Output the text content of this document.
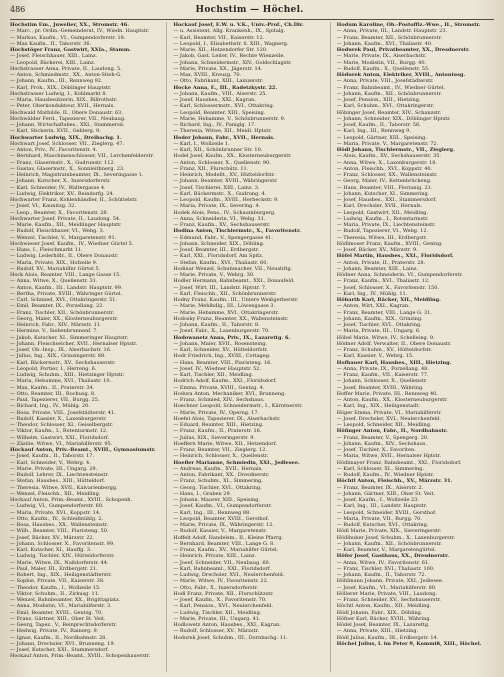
486	Hochstim — Höchel.
Hochstim Em., Juwelier, XX., Stromstr. 46.
— Marc., pr. Ordin.-Gemeinderat, IV., Wiedn. Hauptstr.
— Markus, Kaufm., VI., Gumpendorferstr. 18.
— Max Kaufm., II., Taborstr. 36.
Hochstöger Franz, Gastwirt, XXIa., Stamm.
— Josef, Fleischhauer, XIII., Lainz.
— Leopold, Bäckerei, XIII., Lainz.
Hochstrasser Anna, Private, II., Laudong. 5.
— Anton, Schmiedmstr., XX., Anton-Stieh-G.
— Johann, Kaufm., III., Rennweg 92.
— Karl, Prok., XIX., Döblinger Hauptstr.
Hochstrasser Ludwig, I., Kohlmarkt 8.
— Maria, Hausbesitzerin, XIX., Billrothstr.
— Peter, Oberkondukteur, XVII., Hernals.
Hochwald Mathilde, II., Obere Donaustr. 63.
Hochwälder Ferd., Tapezierer, VII., Neubaug.
— Johann, Wirtschaftsbes., XXI., Stammersd.
— Karl, Stickerin, XVII., Geblerg. 9.
Hochwarter Ludwig, XIX., Dreibachg. 1.
Hochwart Josef, Schlosser, VII., Zieglerg. 47.
— Anton, Priv., IV., Favoritenstr. 4.
— Bernhard, Maschinenschlosser, VII., Lerchenfelderstr.
— Franz, Glasermstr., X., Gudrunstr. 112.
— Gustav, Glasermstr., X., Sonnleithnerg. 23.
— Heinrich, Magistratsbeamter, IX., Severingasse 1.
— Johann, Kutscher, X., Inzersdorferstr.
— Karl, Schneider, IV., Waltergasse 4.
— Ludwig, Elektriker, XV., Reindorfg. 24.
Hochwarter Franz, Kohlenhändler, II., Schüttelstr.
— Josef, VI., Kaunitzg. 32.
— Leop., Beamter, X., Favoritenstr. 28.
Hochwarter Josef, Private, II., Laudong. 54.
— Marie, Kaufm., XII., Meidlinger Hauptstr.
— Rudolf, Fleischhauer, VI., Webg. 3.
— Wenzel, Tischler, V., Margaretenstr. 91.
Hochwieser Josef, Kaufm., IV., Wiedner Gürtel 5.
— Hans, I., Fleischmarkt 11.
— Ludwig, Lederhdlr., II., Obere Donaustr.
— Maria, Private, XIX., Hofzeile 9.
— Rudolf, XV., Mariahilfer Gürtel 5.
Hock Alois, Beamter, VIII., Lange Gasse 15.
— Anna, Witwe, X., Quellenstr. 31.
— Anton, Kaufm., III., Landstr. Hauptstr. 99.
— Bertha, Private, XVIII., Währinger Gürtel.
— Carl, Schmied, XVI., Ottakringerstr. 51.
— Emil, Beamter, IX., Porzellang. 22.
— Franz, Tischler, XII., Schönbrunnerstr.
— Georg, Maler, XX., Klosterneuburgerstr.
— Heinrich, Fabr., XIV., Märzstr. 11.
— Hermine, V., Siebenbrunnenf. 7.
— Jakob, Kutscher, XI., Simmeringer Hauptstr.
— Johann, Fleischselcher, XVII., Hernalser Hptstr.
— Josef, Ob.-Insp., IX., Alserbachstr. 16.
— Julius, Ing., XIX., Grinzingerstr. 88.
— Karl, Bäckermstr., XV., Sechshauserstr.
— Leopold, Portier, I., Herreng. 6.
— Ludwig, Schuhm., XIII., Hietzinger Hptstr.
— Maria, Hebamme, XVI., Thaliastr. 10.
— Max, Kaufm., II., Praterstr. 34.
— Otto, Beamter, III., Rochusg. 8.
— Paul, Tapezierer, VII., Burgg. 25.
— Richard, Ing., IV., Mühlg. 20.
— Rosa, Private, VIII., Josefstädterstr. 41.
— Rudolf, Kassier, X., Laxenburgerstr.
— Theodor, Schlosser, XI., Geiselbergstr.
— Viktor, Kaufm., I., Rotenturmstr. 12.
— Wilhelm, Gastwirt, XXI., Floridsdorf.
— Zäzilie, Witwe, VI., Mariahilferstr. 95.
Hockauf Anton, Priv.-Beamt., XVIII., Gymnasiumstr.
— Josef, Kaufm., II., Taborstr. 17.
— Karl, Schneider, V., Wehrg. 4.
— Marie, Private, III., Ungarg. 29.
— Rudolf, Lehrer, IX., Liechtensteinstr.
— Stefan, Hausbes., XIII., Hütteldorf.
— Theresia, Witwe, XVII., Kalvarienbergg.
— Wenzel, Fleischh., XII., Meidling.
Hockauf Anton, Prim.-Beamt., XVIII., Schopenh.
— Ludwig, VI., Gumpendorferstr. 60.
— Maria, Private, XVI., Koppstr. 14.
— Otto, Kaufm., IV., Schleifmühlg. 2.
— Rosa, Hausbes., XX., Wallensteinstr.
— Wilh., Beamter, VIII., Piaristeng. 50.
— Josef, Bäcker, XV., Märzstr. 22.
— Johann, Schlosser, X., Favoritenstr. 99.
— Karl, Kutscher, XI., Hauffg. 3.
— Ludwig, Tischler, XIV., Hütteldorferstr.
— Marie, Witwe, IX., Nußdorferstr. 44.
— Paul, Maler, III., Erdbergstr. 21.
— Robert, Ing., XIX., Heiligenstädterstr.
— Sophie, Private, VII., Kaiserstr. 38.
— Theodor, Kaufm., I., Wollzeile 15.
— Viktor, Schuhm., II., Zirkusg. 11.
— Wenzel, Bahnbeamter, XX., Brigittaplatz.
— Anna, Modistin, VI., Mariahilferstr. 3.
— Emil, Beamter, XVIII., Gentzg. 70.
— Franz, Gärtner, XIII., Ober St. Veit.
— Georg, Tapez., V., Reinprechtsdorferstr.
— Hedwig, Private, IV., Rainerg. 9.
— Ignaz, Kaufm., II., Nordbahnstr. 28.
— Johann, Drechsler, XVI., Brunneng. 19.
— Josef, Kutscher, XXI., Stammersdorf.
Hockauf Anton, Prim.-Beamt., XVIII., Schopenhauerstr.
Hockauf Josef, E.W. u. V.K., Univ.-Prof., Ch.Dir.
— u. Assistent, Allg. Krankenh., IX., Spitalg.
— Karl, Beamter, VII., Kaiserstr. 12.
— Leopold, I., Elisabethstr. 6. XIII., Wagnerg.
— Marie, XII., Hetzendorfer Str. 120.
— Jakob, Gast. Leiter, IV., Rechte Wienzeile.
— Johann, Schneidermstr., XIV., Goldschlagstr.
— Marie, Private, XX., Jägerstr. 14.
— Max, XVIII., Kreuzg. 70.
— Otto, Fabrikant, XIII., Lainzerstr.
Hocke Anna, E., III., Radetzkystr. 22.
— Johann, Kaufm., VIII., Alserstr. 25.
— Josef, Hausbes., XXI., Kagran.
— Karl, Schlossermstr., XVI., Ottakring.
— Leopold, Beamter, XIII., Speising.
— Marie, Hebamme, V., Schönbrunnerstr. 9.
— Richard, Ing., IV., Paniglg. 17.
— Theresia, Witwe, XII., Meidl. Hptstr.
Hoder Johann, Fabr., XVII., Hernals.
— Karl, I., Wollzeile 1.
— Karl, XII., Schönbrunner Str. 10.
Hodel Josef, Kaufm., XX., Klosterneuburgerstr.
— Anton, Schlosser, X., Quellenstr. 90.
— Franz, XII., Flurschütz. 11.
— Heinrich, Modellt., XV., Hütteldorfstr.
— Johann, Beamter, XVIII., Währingerstr.
— Josef, Tischlerei, XIII., Lainz. 3.
— Karl, Bäckermstr., X., Gudrung. 4.
— Leopold, Kaufm., XVIII., Herbeckstr. 9.
— Maria, Private, IX., Severing. 4.
Hodek Alois, Pens., IV., Schaumburgerg.
— Anna, Schneiderin, VI., Webg. 31.
— Franz, Kaufm., XV., Sechshauserstr.
Hodina Anton, Tischlermstr., X., Favoritenstr.
— Edmund, Fabr., V., Spengergasse 41.
— Johann, Schneider, XIX., Döbling.
— Josef, Beamter, III., Erdbergstr.
— Karl, XXI., Floridsdorf, Am Spitz.
— Stefan, Kaufm., XVI., Thaliastr. 60.
Hodinar Wenzel, Schuhmacher, VII., Neustiftg.
— Marie, Private, V., Wehrg. 30.
Hodler Hermann, Bahnbeamt., XXI., Donaufeld.
— Josef, Wirt, III., Landstr. Hptstr. 7.
— Karl, Fleischh., XII., Schönbrunnerstr.
Hodny Franz, Kaufm., III., Untere Weißgerberstr.
— Marie, Mehlhdlg., III., Löwengasse 3.
— Marie, Hebamme, XVI., Ottakringerstr.
Hodosky Franz, Beamter, XX., Wallensteinstr.
— Johann, Kaufm., II., Taborstr. 8.
— Josef, Fabr., X., Laxenburgerstr. 70.
Hodowanetz Anna, Priv., IX., Lazarettg. 6.
— Johann, Maler, XVII., Rosensteing.
— Karl, Schneider, XV., Hütteldorfstr.
Hodr Friedrich, Ing., XVIII., Cottageg.
— Hans, Beamter, VIII., Piaristeng. 16.
— Josef, IV., Wiedner Hauptstr. 52.
— Karl, Tischler, XII., Meidling.
Hodrich Adolf, Kaufm., XXI., Floridsdorf.
— Emma, Private, XVIII., Gentzg. 4.
Hodura Anton, Mechaniker, XVI., Brunneng.
— Franz, Schmied, XIV., Sechshaus.
Hoechner Leopold, Schneidermstr., I., Kärntnerstr.
— Marie, Private, IV., Operng. 17.
Hoefel Alois, Tapezierer, IX., Alserbachstr.
— Eduard, Beamter, XIII., Hietzing.
— Franz, Kaufm., II., Praterstr. 16.
— Julius, XIX., Sieveringerstr. 9.
Hoeffern Marie, Witwe, XII., Hetzendorf.
— Franz, Beamter, VII., Zieglerg. 12.
— Heinrich, Schlosser, X., Quellenstr.
Hoefler Marianne, Schmiedin, XXI., Jedlesee.
— Andreas, Kaufm., XVII., Hernals.
— Anton, Fabrikant, XX., Dresdnerstr.
— Franz, Schuhm., XI., Simmering.
— Georg, Tischler, XVI., Ottakring.
— Hans, I., Graben 29.
— Johann, Maurer, XIII., Speising.
— Josef, Kaufm., VI., Gumpendorferstr.
— Karl, Ing., III., Rennweg 88.
— Leopold, Beamter, XVIII., Gersthof.
— Marie, Private, IX., Währingerstr. 12.
— Rudolf, Kassier, V., Margaretenstr.
Hoffelt Adolf, Handelsm., II., Kleine Pfarrg.
— Bernhard, Beamter, VIII., Lange G. 8.
— Franz, Kaufm., XV., Mariahilfer Gürtel.
— Heinrich, Private, XIII., Lainz.
— Josef, Schneider, VII., Neubaug. 60.
— Karl, Bahnbeamt., XXI., Floridsdorf.
— Ludwig, Drechsler, XVI., Neulerchenfeld.
— Marie, Witwe, IV., Favoritenstr. 22.
— Otto, Fabr., X., Inzersdorferstr.
Hodl Franz, Private, XII., Flurschützstr.
— Josef, Kaufm., X., Favoritenstr. 70.
— Karl, Pension., XVI., Neulerchenfeld.
— Ludwig, Tischler, XII., Meidling.
— Marie, Private, III., Ungarg. 41.
Hodlowetz Anton, Hausbes., XXI., Kagran.
— Rudolf, Schlosser, XV., Märzstr.
Hodurek Josef, Schuhm., III., Dornbachg. 11.
Hodum Karoline, Ob.-Postoffiz.-Wwe., II., Stromstr.
— Anna, Private, III., Landstr. Hauptstr. 23.
— Franz, Beamter, XII., Schönbrunnerstr.
— Johann, Kaufm., XVI., Thaliastr. 40.
Hodurek Paul, Privatbeamter, XX., Dresdnerstr.
— Marie, Private, IX., Alserbachstr.
— Marie, Modistin, VII., Burgg. 40.
— Rudolf, Kaufm., X., Quellenstr. 55.
Hödurek Anton, Elektriker, XVIII., Antoniusg.
— Anna, Private, VIII., Josefstädterstr.
— Franz, Bahnbeamt., IV., Wiedner Gürtel.
— Johann, Kaufm., XII., Schönbrunnerstr.
— Josef, Pension., XIII., Hietzing.
— Karl, Schuhm., XVI., Ottakringerstr.
Höbinger Josef, Beamter, XIV., Schanzstr.
— Johann, Schneider, XIX., Döblinger Hptstr.
— Josef, Kaufm., II., Taborstr. 56.
— Karl, Ing., III., Rennweg 9.
— Leopold, Gärtner, XIII., Speising.
— Maria, Private, V., Margaretenstr. 72.
Hödl Johann, Tischlermstr., VII., Zieglerg.
— Alois, Kaufm., XV., Sechshauserstr. 35.
— Anna, Witwe, X., Laxenburgerstr. 18.
— Anton, Fleischh., XVI., Koppstr. 40.
— Franz, Schlosser, XX., Wallensteinstr.
— Georg, Maler, IV., Kettenbrückeng.
— Hans, Beamter, VIII., Florianig. 21.
— Johann, Kutscher, XI., Simmering.
— Josef, Hausbes., XXI., Stammersdorf.
— Karl, Drechsler, XVII., Hernals.
— Leopold, Gastwirt, XII., Meidling.
— Ludwig, Kaufm., I., Rotenturmstr.
— Maria, Private, IX., Liechtensteinstr.
— Rudolf, Tapezierer, VI., Webg. 12.
— Theresia, Witwe, III., Erdbergstr.
Hödlmoser Franz, Kaufm., XVIII., Gentzg.
— Josef, Bäcker, XV., Märzstr. 9.
Höfel Martin, Hausbes., XXI., Floridsdorf.
— Anton, Private, II., Praterstr. 28.
— Johann, Beamter, XIII., Lainz.
Hödner Anna, Schneiderin, VI., Gumpendorferstr.
— Franz, Kaufm., XVI., Thaliastr. 12.
— Josef, Schlosser, X., Favoritenstr. 150.
— Karl, Ing., IV., Mühlg. 11.
Höbarth Karl, Bäcker, XII., Meidling.
— Anton, Wirt, XXI., Kagran.
— Franz, Beamter, VIII., Lange G. 31.
— Johann, Kaufm., XIX., Grinzing.
— Josef, Tischler, XVI., Ottakring.
— Maria, Private, III., Ungarg. 6.
Höbel Marie, Witwe, IV., Schelleing. 9.
Hödner Adolf, Verwalter, II., Obere Donaustr.
— Franz, Schuhm., XV., Hütteldorfstr.
— Karl, Kassier, V., Wehrg. 15.
Hofbauer Karl, Hausbes., XIII., Hietzing.
— Anna, Private, IX., Porzellang. 48.
— Franz, Kaufm., VII., Kaiserstr. 77.
— Johann, Schlosser, X., Quellenstr.
— Josef, Beamter, XVIII., Währing.
Hoffer Marie, Private, III., Rennweg 40.
— Anton, Kaufm., XX., Klosterneuburgerstr.
— Karl, Ing., XIX., Heiligenstadt.
Höger Emma, Private, VI., Mariahilferstr.
— Josef, Drechsler, XVI., Neulerchenfeld.
— Leopold, Schneider, XII., Meidling.
Höfinger Anton, Fabr., II., Nordbahnstr.
— Franz, Beamter, V., Spengerg. 20.
— Johann, Kaufm., XIV., Sechshaus.
— Josef, Tischler, X., Favoriten.
— Maria, Witwe, XVII., Hernalser Hptstr.
Hödlmayer Franz, Bahnbeamt., XXI., Floridsdorf.
— Karl, Schlosser, XI., Simmering.
— Rudolf, Kaufm., IV., Wiedner Hptstr.
Höchtl Anton, Fleischh., XV., Märzstr. 31.
— Franz, Beamter, IX., Alserstr. 2.
— Johann, Gärtner, XIII., Ober St. Veit.
— Josef, Kaufm., I., Wollzeile 23.
— Karl, Ing., III., Landstr. Hauptstr.
— Leopold, Schneider, XVIII., Gersthof.
— Maria, Private, VII., Burgg. 70.
— Rudolf, Kutscher, XVI., Ottakring.
Hödl Marie, Private, XIX., Sieveringerstr.
Hödlhuber Josef, Schuhm., X., Laxenburgerstr.
— Johann, Kaufm., XII., Schönbrunnerstr.
— Karl, Beamter, V., Margaretengürtel.
Höfer Josef, Gasthaus, XX., Dresdnerstr.
— Anna, Witwe, IV., Favoritenstr. 61.
— Franz, Tischler, XVI., Thaliastr. 100.
— Johann, Kaufm., II., Taborstr. 72.
Höhlmann Johann, Private, XXI., Jedlesee.
— Josef, Kaufm., VI., Mariahilferstr. 80.
Höllerer Marie, Private, VIII., Laudong.
— Franz, Schneider, XV., Sechshauserstr.
Höchtl Anton, Kaufm., XII., Meidling.
Hödl Johann, Fabr., XIX., Döbling.
Höfner Karl, Bäcker, XVIII., Währing.
Hödel Josef, Beamter, IX., Lazarettg.
— Anna, Private, XIII., Hietzing.
Hödl Julius, Kaufm., III., Erdbergstr. 14.
Höchel Julius, I. im Peter 9, Kommiß, XIII., Höchel.
